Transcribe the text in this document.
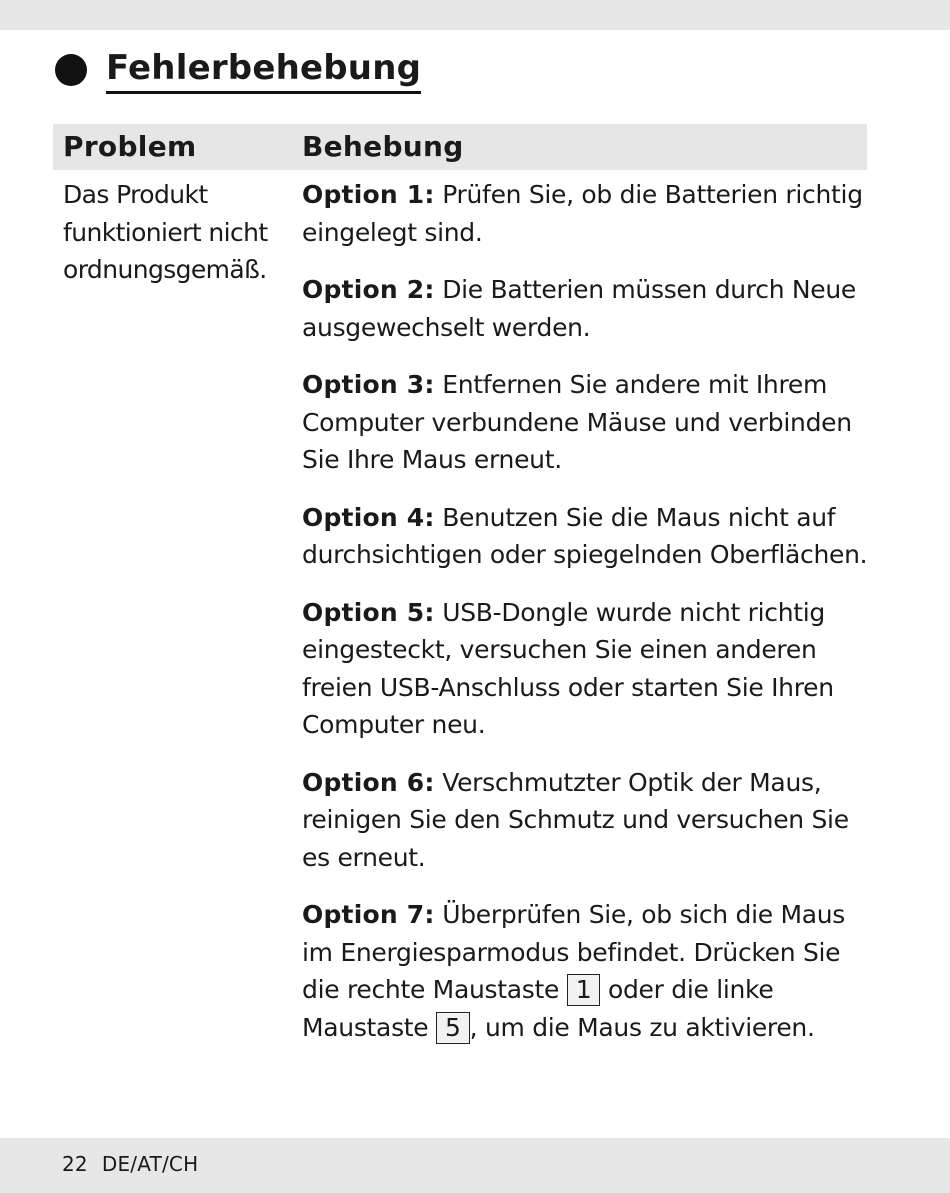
Fehlerbehebung
Problem	Behebung
Das Produkt
funktioniert nicht
ordnungsgemäß.

Option 1: Prüfen Sie, ob die Batterien richtig eingelegt sind.

Option 2: Die Batterien müssen durch Neue ausgewechselt werden.

Option 3: Entfernen Sie andere mit Ihrem Computer verbundene Mäuse und verbinden Sie Ihre Maus erneut.

Option 4: Benutzen Sie die Maus nicht auf durchsichtigen oder spiegelnden Oberflächen.

Option 5: USB-Dongle wurde nicht richtig eingesteckt, versuchen Sie einen anderen freien USB-Anschluss oder starten Sie Ihren Computer neu.

Option 6: Verschmutzter Optik der Maus, reinigen Sie den Schmutz und versuchen Sie es erneut.

Option 7: Überprüfen Sie, ob sich die Maus im Energiesparmodus befindet. Drücken Sie die rechte Maustaste 1 oder die linke Maustaste 5 , um die Maus zu aktivieren.

22 DE/AT/CH
